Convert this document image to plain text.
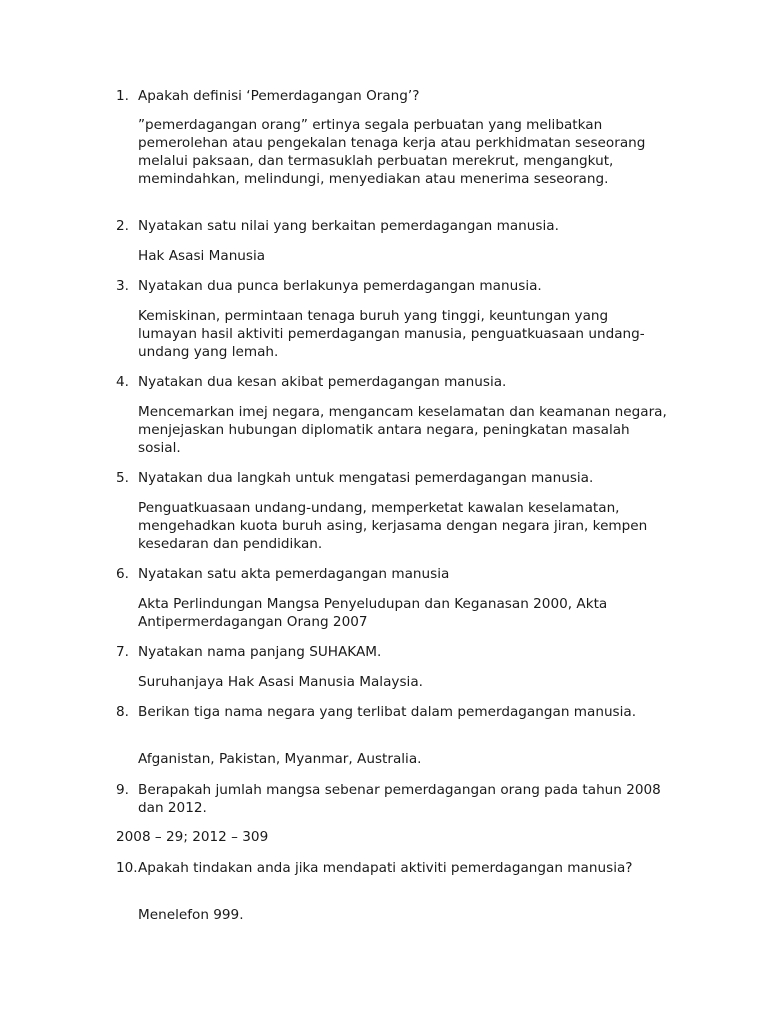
1. Apakah definisi ‘Pemerdagangan Orang’?
”pemerdagangan orang” ertinya segala perbuatan yang melibatkan pemerolehan atau pengekalan tenaga kerja atau perkhidmatan seseorang melalui paksaan, dan termasuklah perbuatan merekrut, mengangkut, memindahkan, melindungi, menyediakan atau menerima seseorang.
2. Nyatakan satu nilai yang berkaitan pemerdagangan manusia.
Hak Asasi Manusia
3. Nyatakan dua punca berlakunya pemerdagangan manusia.
Kemiskinan, permintaan tenaga buruh yang tinggi, keuntungan yang lumayan hasil aktiviti pemerdagangan manusia, penguatkuasaan undang-undang yang lemah.
4. Nyatakan dua kesan akibat pemerdagangan manusia.
Mencemarkan imej negara, mengancam keselamatan dan keamanan negara, menjejaskan hubungan diplomatik antara negara, peningkatan masalah sosial.
5. Nyatakan dua langkah untuk mengatasi pemerdagangan manusia.
Penguatkuasaan undang-undang, memperketat kawalan keselamatan, mengehadkan kuota buruh asing, kerjasama dengan negara jiran, kempen kesedaran dan pendidikan.
6. Nyatakan satu akta pemerdagangan manusia
Akta Perlindungan Mangsa Penyeludupan dan Keganasan 2000, Akta Antipermerdagangan Orang 2007
7. Nyatakan nama panjang SUHAKAM.
Suruhanjaya Hak Asasi Manusia Malaysia.
8. Berikan tiga nama negara yang terlibat dalam pemerdagangan manusia.
Afganistan, Pakistan, Myanmar, Australia.
9. Berapakah jumlah mangsa sebenar pemerdagangan orang pada tahun 2008 dan 2012.
2008 – 29; 2012 – 309
10. Apakah tindakan anda jika mendapati aktiviti pemerdagangan manusia?
Menelefon 999.
